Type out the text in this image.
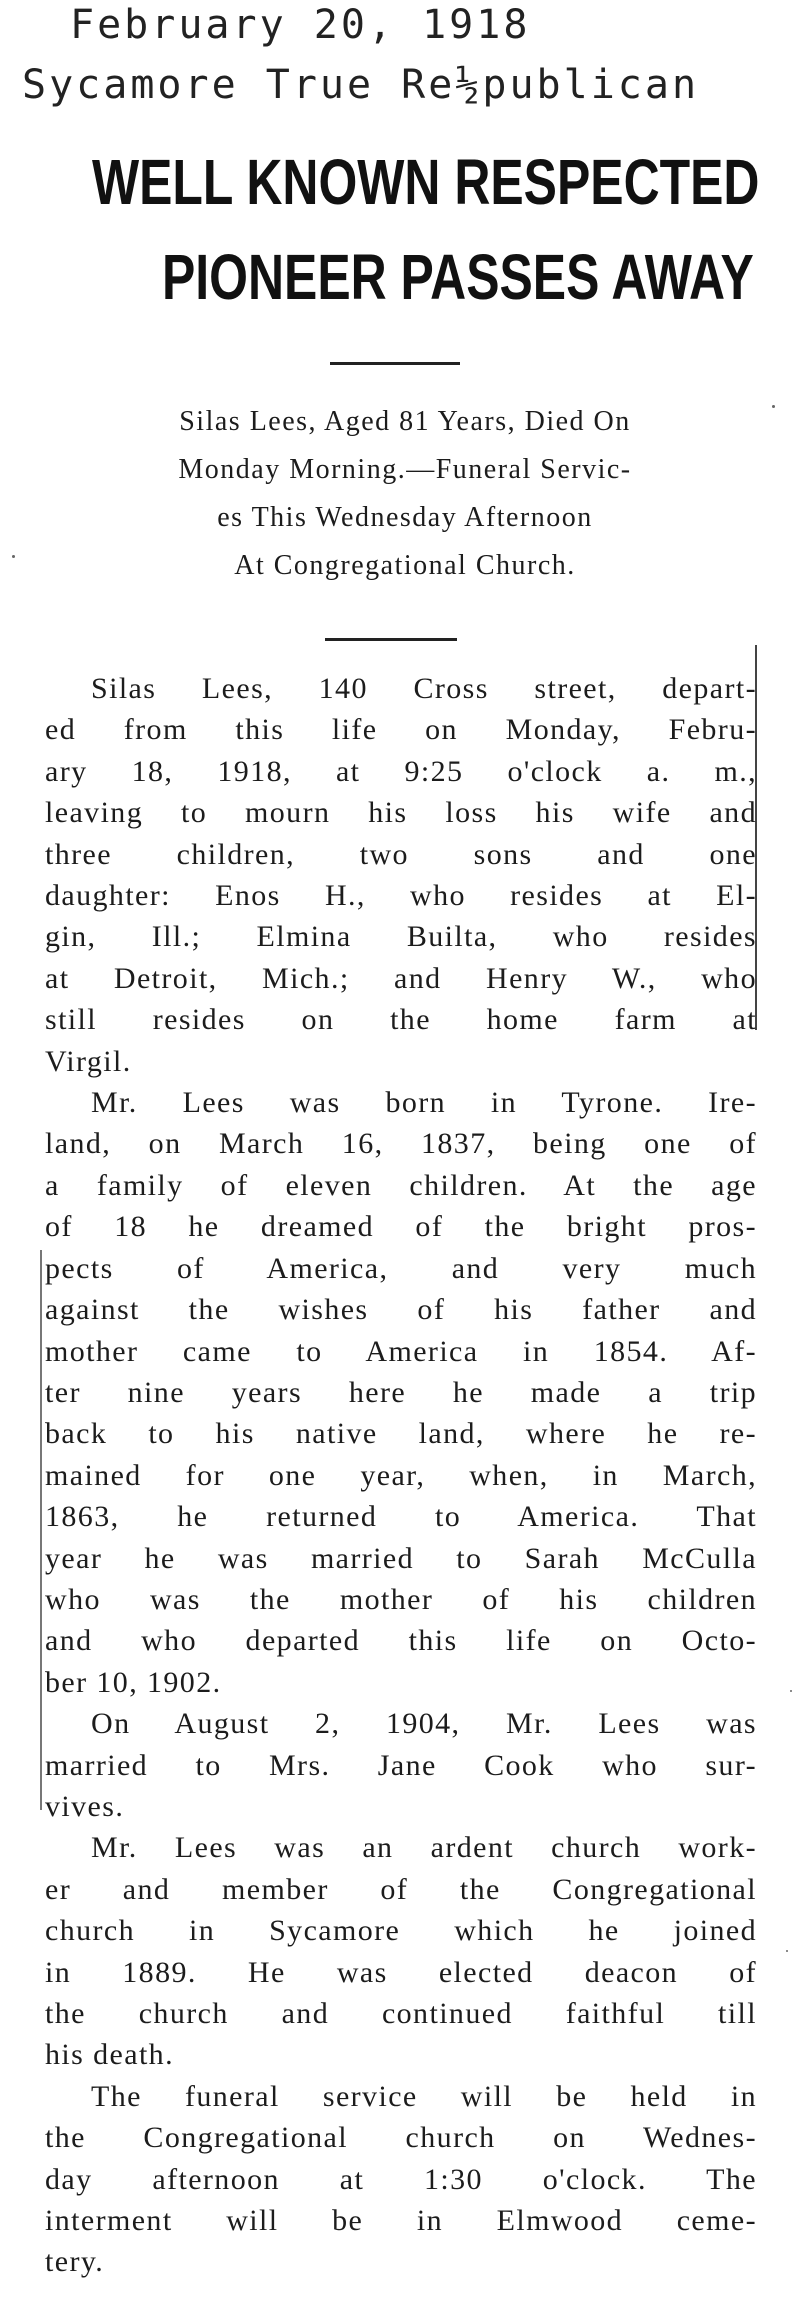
February 20, 1918
Sycamore True Re½publican
WELL KNOWN RESPECTED
PIONEER PASSES AWAY
Silas Lees, Aged 81 Years, Died On
Monday Morning.—Funeral Servic-
es This Wednesday Afternoon
At Congregational Church.
Silas Lees, 140 Cross street, depart-
ed from this life on Monday, Febru-
ary 18, 1918, at 9:25 o'clock a. m.,
leaving to mourn his loss his wife and
three children, two sons and one
daughter: Enos H., who resides at El-
gin, Ill.; Elmina Builta, who resides
at Detroit, Mich.; and Henry W., who
still resides on the home farm at
Virgil.
Mr. Lees was born in Tyrone. Ire-
land, on March 16, 1837, being one of
a family of eleven children. At the age
of 18 he dreamed of the bright pros-
pects of America, and very much
against the wishes of his father and
mother came to America in 1854. Af-
ter nine years here he made a trip
back to his native land, where he re-
mained for one year, when, in March,
1863, he returned to America. That
year he was married to Sarah McCulla
who was the mother of his children
and who departed this life on Octo-
ber 10, 1902.
On August 2, 1904, Mr. Lees was
married to Mrs. Jane Cook who sur-
vives.
Mr. Lees was an ardent church work-
er and member of the Congregational
church in Sycamore which he joined
in 1889. He was elected deacon of
the church and continued faithful till
his death.
The funeral service will be held in
the Congregational church on Wednes-
day afternoon at 1:30 o'clock. The
interment will be in Elmwood ceme-
tery.
